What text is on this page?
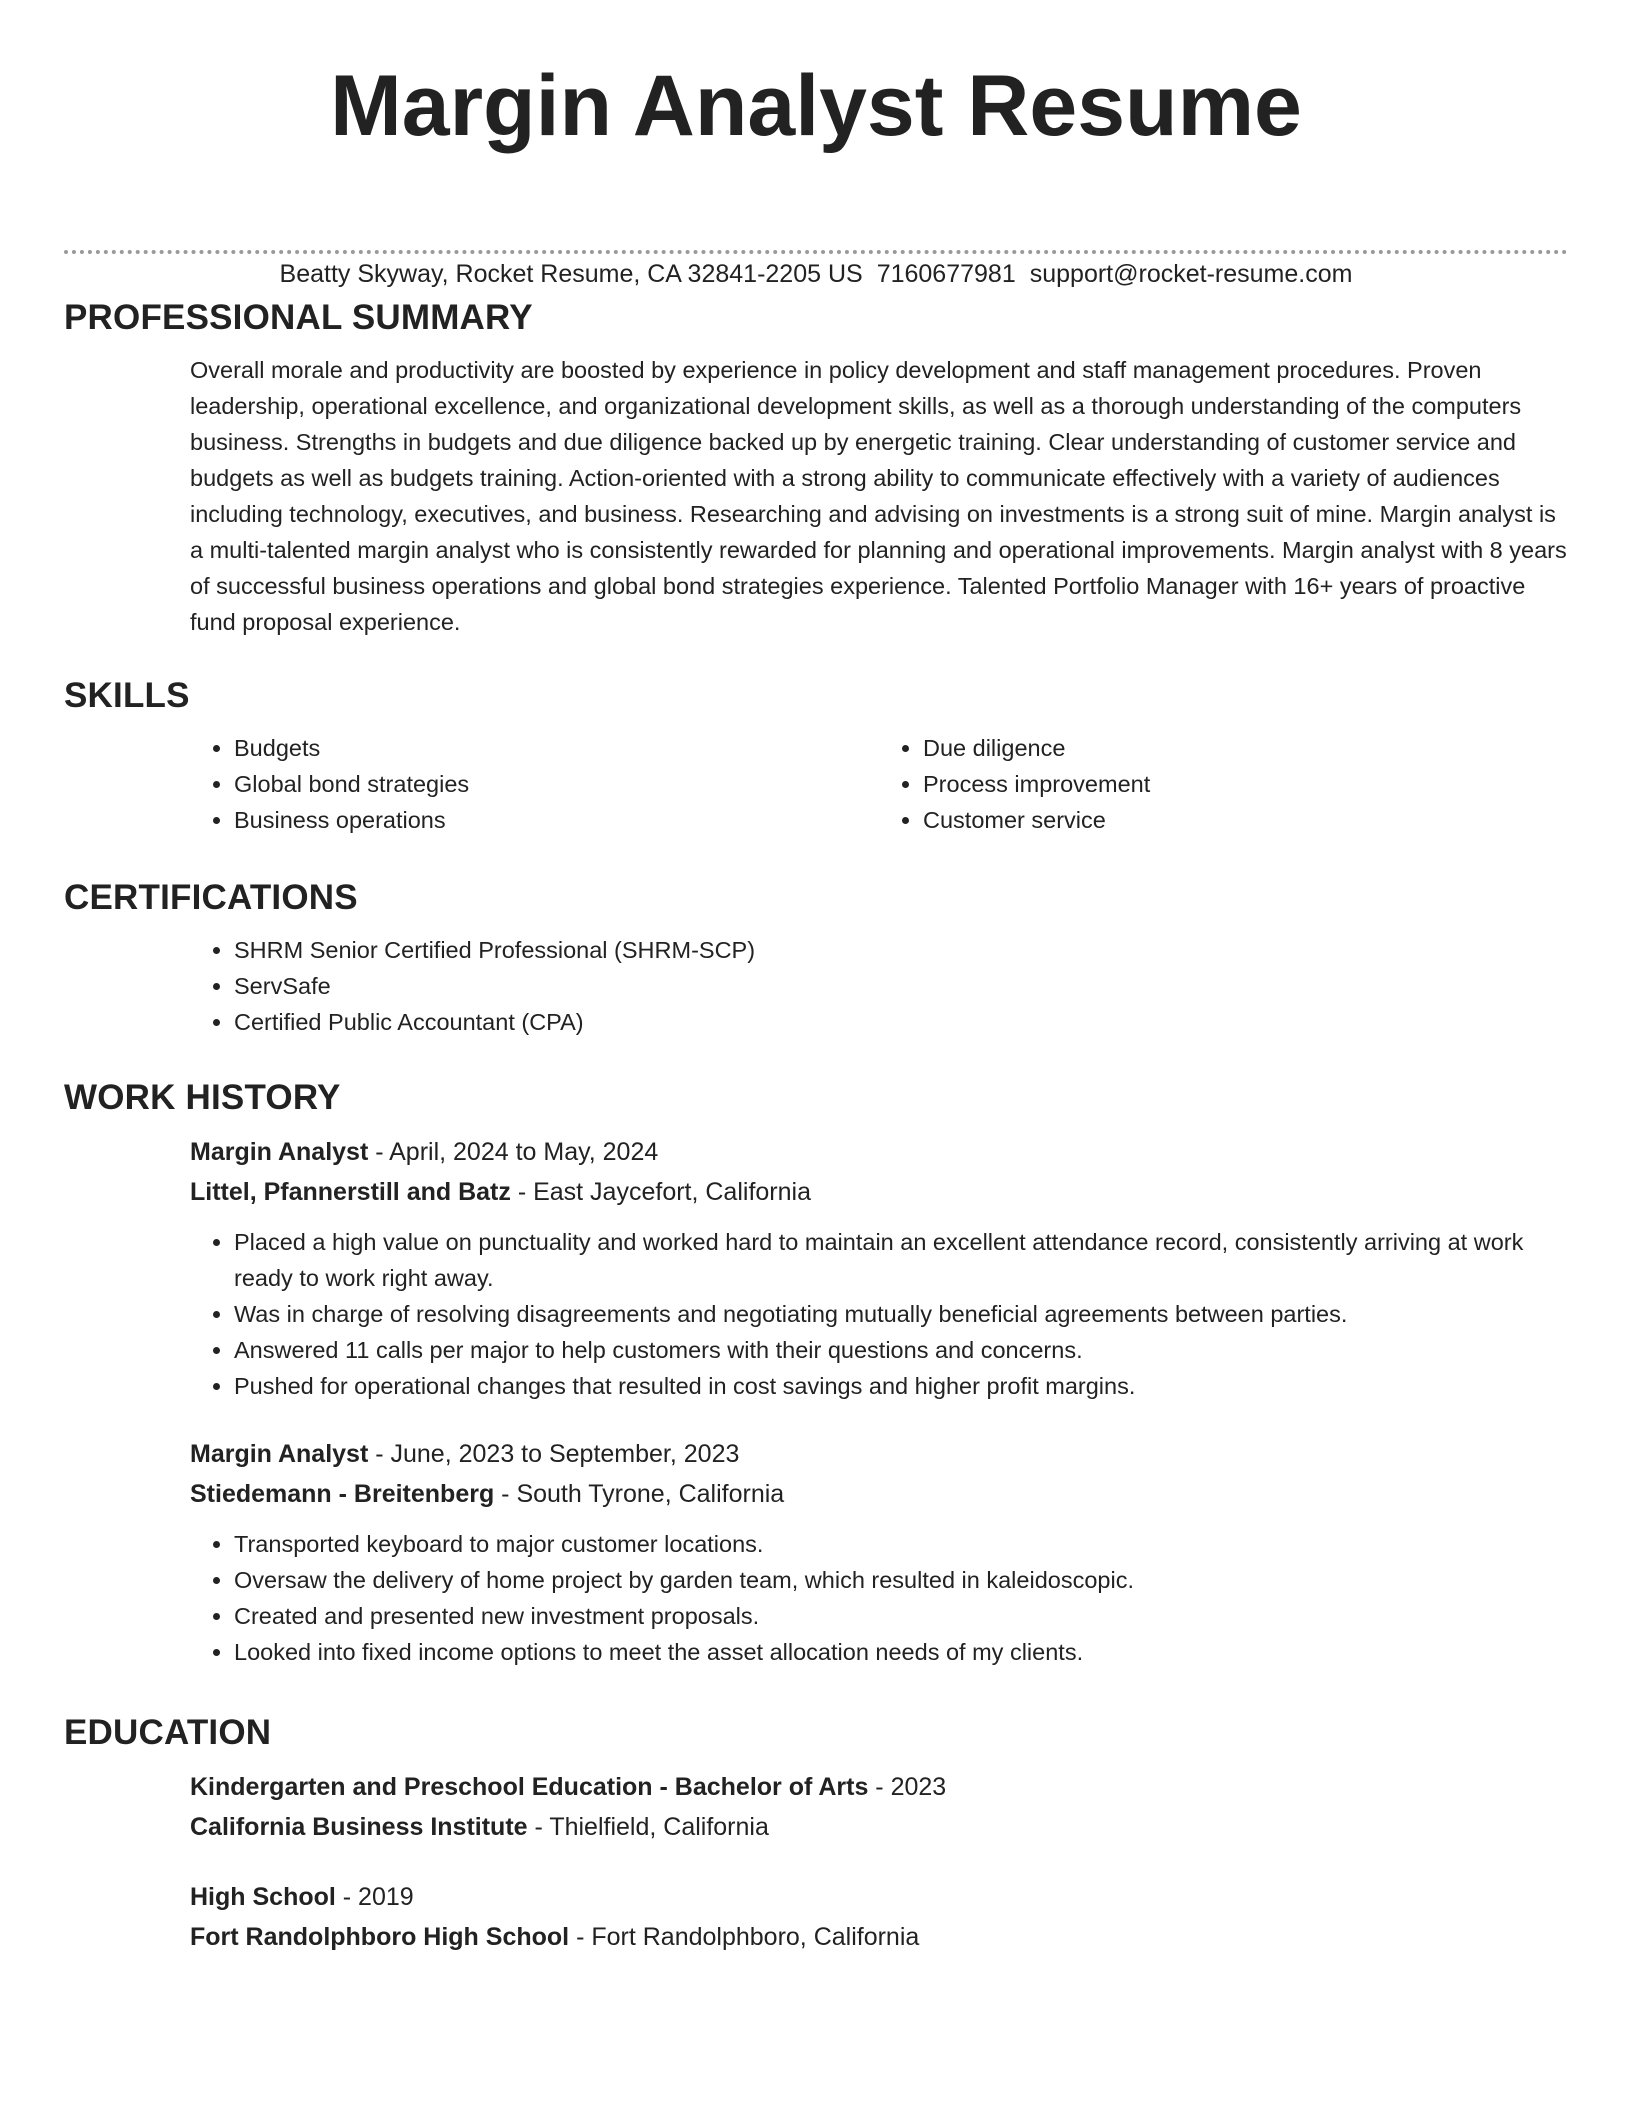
Margin Analyst Resume
Beatty Skyway, Rocket Resume, CA 32841-2205 US 7160677981 support@rocket-resume.com
PROFESSIONAL SUMMARY
Overall morale and productivity are boosted by experience in policy development and staff management procedures. Proven leadership, operational excellence, and organizational development skills, as well as a thorough understanding of the computers business. Strengths in budgets and due diligence backed up by energetic training. Clear understanding of customer service and budgets as well as budgets training. Action-oriented with a strong ability to communicate effectively with a variety of audiences including technology, executives, and business. Researching and advising on investments is a strong suit of mine. Margin analyst is a multi-talented margin analyst who is consistently rewarded for planning and operational improvements. Margin analyst with 8 years of successful business operations and global bond strategies experience. Talented Portfolio Manager with 16+ years of proactive fund proposal experience.
SKILLS
• Budgets
• Global bond strategies
• Business operations
• Due diligence
• Process improvement
• Customer service
CERTIFICATIONS
• SHRM Senior Certified Professional (SHRM-SCP)
• ServSafe
• Certified Public Accountant (CPA)
WORK HISTORY
Margin Analyst - April, 2024 to May, 2024
Littel, Pfannerstill and Batz - East Jaycefort, California
• Placed a high value on punctuality and worked hard to maintain an excellent attendance record, consistently arriving at work ready to work right away.
• Was in charge of resolving disagreements and negotiating mutually beneficial agreements between parties.
• Answered 11 calls per major to help customers with their questions and concerns.
• Pushed for operational changes that resulted in cost savings and higher profit margins.
Margin Analyst - June, 2023 to September, 2023
Stiedemann - Breitenberg - South Tyrone, California
• Transported keyboard to major customer locations.
• Oversaw the delivery of home project by garden team, which resulted in kaleidoscopic.
• Created and presented new investment proposals.
• Looked into fixed income options to meet the asset allocation needs of my clients.
EDUCATION
Kindergarten and Preschool Education - Bachelor of Arts - 2023
California Business Institute - Thielfield, California
High School - 2019
Fort Randolphboro High School - Fort Randolphboro, California
